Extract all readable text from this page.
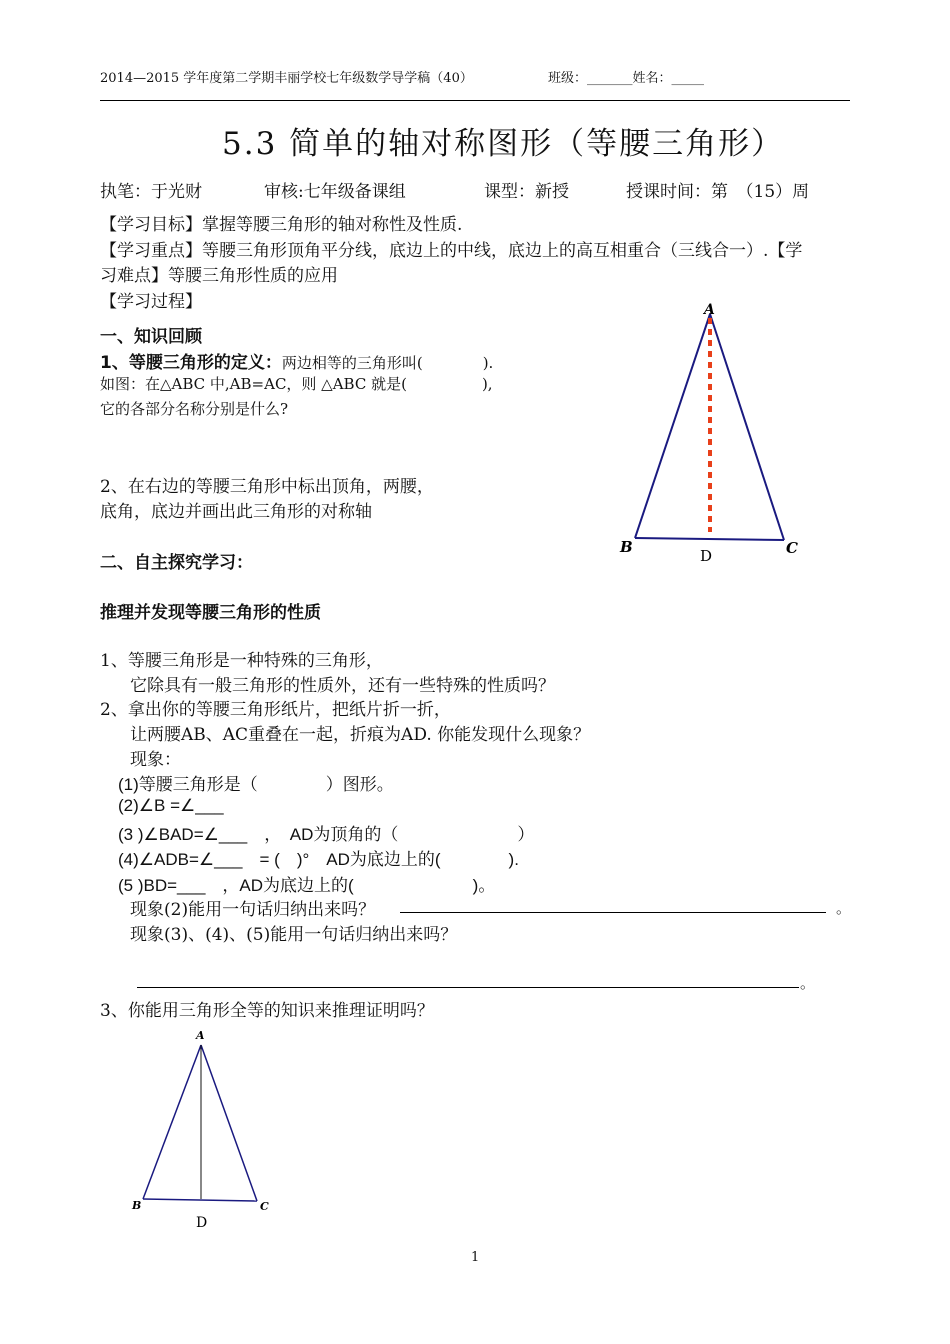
2014—2015 学年度第二学期丰丽学校七年级数学导学稿（40）	班级：_______姓名：_____
5.3 简单的轴对称图形（等腰三角形）
执笔：于光财	审核:七年级备课组	课型：新授	授课时间：第　（15）周
【学习目标】掌握等腰三角形的轴对称性及性质.
【学习重点】等腰三角形顶角平分线，底边上的中线，底边上的高互相重合（三线合一）.【学
习难点】等腰三角形性质的应用
【学习过程】
一、知识回顾
1、等腰三角形的定义：两边相等的三角形叫(　　　　).
如图：在△ABC 中,AB=AC，则 △ABC 就是(　　　　　),
它的各部分名称分别是什么?
2、在右边的等腰三角形中标出顶角，两腰，
底角，底边并画出此三角形的对称轴
A
B	C
D
二、自主探究学习：
推理并发现等腰三角形的性质
1、等腰三角形是一种特殊的三角形，
它除具有一般三角形的性质外，还有一些特殊的性质吗？
2、拿出你的等腰三角形纸片，把纸片折一折，
让两腰AB、AC重叠在一起，折痕为AD. 你能发现什么现象？
现象：
(1)等腰三角形是（　　　　）图形。
(2)∠B =∠___
(3 )∠BAD=∠___　，　AD为顶角的（　　　　　　　）
(4)∠ADB=∠___　= (　)°　AD为底边上的(　　　　).
(5 )BD=___　，AD为底边上的(　　　　　　　)。
现象(2)能用一句话归纳出来吗？	。
现象(3)、(4)、(5)能用一句话归纳出来吗？
。
3、你能用三角形全等的知识来推理证明吗？
A
B	C
D
1
